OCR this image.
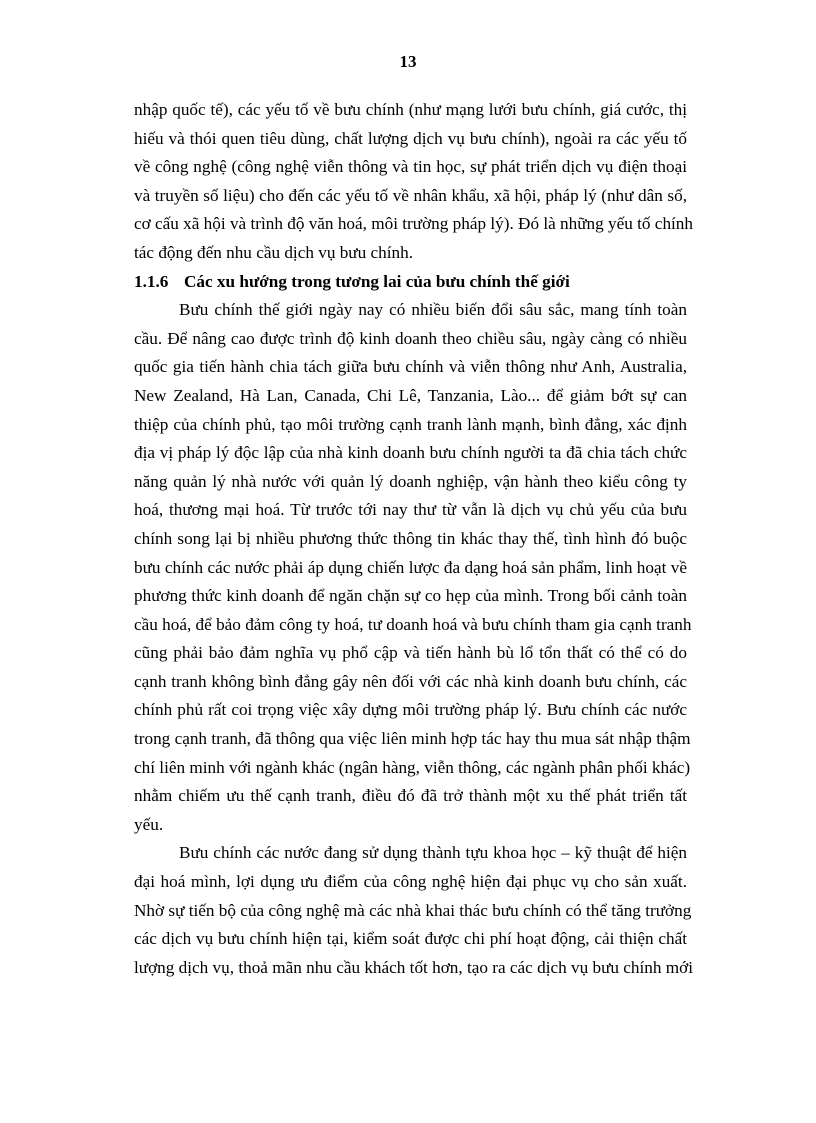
13
nhập quốc tế), các yếu tố về bưu chính (như mạng lưới bưu chính, giá cước, thị
hiếu và thói quen tiêu dùng, chất lượng dịch vụ bưu chính), ngoài ra các yếu tố
về công nghệ (công nghệ viễn thông và tin học, sự phát triển dịch vụ điện thoại
và truyền số liệu) cho đến các yếu tố về nhân khẩu, xã hội, pháp lý (như dân số,
cơ cấu xã hội và trình độ văn hoá, môi trường pháp lý). Đó là những yếu tố chính
tác động đến nhu cầu dịch vụ bưu chính.
1.1.6 Các xu hướng trong tương lai của bưu chính thế giới
Bưu chính thế giới ngày nay có nhiều biến đổi sâu sắc, mang tính toàn
cầu. Để nâng cao được trình độ kinh doanh theo chiều sâu, ngày càng có nhiều
quốc gia tiến hành chia tách giữa bưu chính và viễn thông như Anh, Australia,
New Zealand, Hà Lan, Canada, Chi Lê, Tanzania, Lào... để giảm bớt sự can
thiệp của chính phủ, tạo môi trường cạnh tranh lành mạnh, bình đẳng, xác định
địa vị pháp lý độc lập của nhà kinh doanh bưu chính người ta đã chia tách chức
năng quản lý nhà nước với quản lý doanh nghiệp, vận hành theo kiểu công ty
hoá, thương mại hoá. Từ trước tới nay thư từ vẫn là dịch vụ chủ yếu của bưu
chính song lại bị nhiều phương thức thông tin khác thay thế, tình hình đó buộc
bưu chính các nước phải áp dụng chiến lược đa dạng hoá sản phẩm, linh hoạt về
phương thức kinh doanh để ngăn chặn sự co hẹp của mình. Trong bối cảnh toàn
cầu hoá, để bảo đảm công ty hoá, tư doanh hoá và bưu chính tham gia cạnh tranh
cũng phải bảo đảm nghĩa vụ phổ cập và tiến hành bù lổ tổn thất có thể có do
cạnh tranh không bình đẳng gây nên đối với các nhà kinh doanh bưu chính, các
chính phủ rất coi trọng việc xây dựng môi trường pháp lý. Bưu chính các nước
trong cạnh tranh, đã thông qua việc liên minh hợp tác hay thu mua sát nhập thậm
chí liên minh với ngành khác (ngân hàng, viễn thông, các ngành phân phối khác)
nhằm chiếm ưu thế cạnh tranh, điều đó đã trở thành một xu thế phát triển tất
yếu.
Bưu chính các nước đang sử dụng thành tựu khoa học – kỹ thuật để hiện
đại hoá mình, lợi dụng ưu điểm của công nghệ hiện đại phục vụ cho sản xuất.
Nhờ sự tiến bộ của công nghệ mà các nhà khai thác bưu chính có thể tăng trưởng
các dịch vụ bưu chính hiện tại, kiểm soát được chi phí hoạt động, cải thiện chất
lượng dịch vụ, thoả mãn nhu cầu khách tốt hơn, tạo ra các dịch vụ bưu chính mới
